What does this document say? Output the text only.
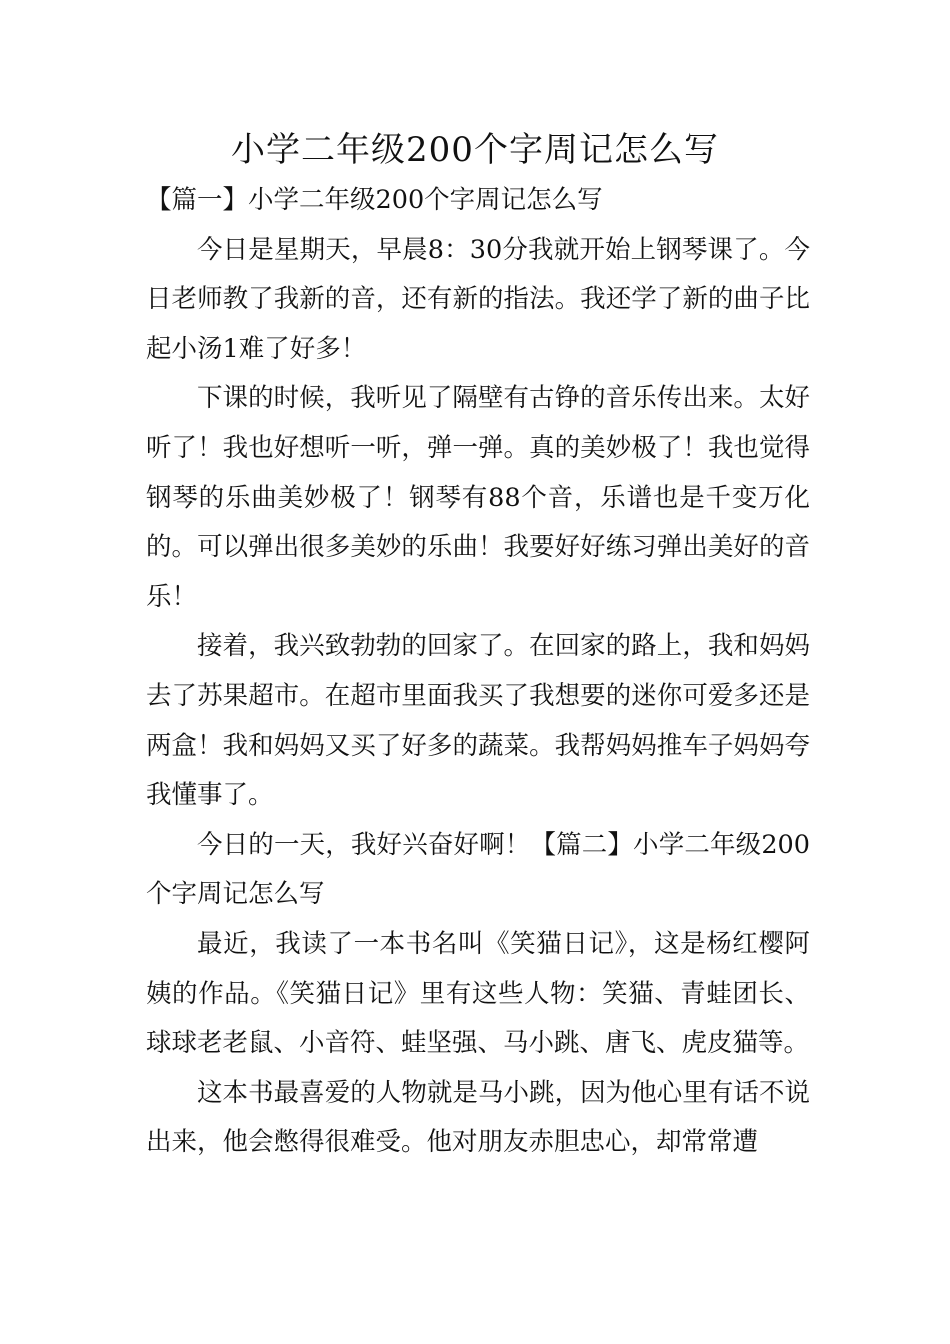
小学二年级200个字周记怎么写

【篇一】小学二年级200个字周记怎么写

今日是星期天，早晨8：30分我就开始上钢琴课了。今日老师教了我新的音，还有新的指法。我还学了新的曲子比起小汤1难了好多！

下课的时候，我听见了隔壁有古铮的音乐传出来。太好听了！我也好想听一听，弹一弹。真的美妙极了！我也觉得钢琴的乐曲美妙极了！钢琴有88个音，乐谱也是千变万化的。可以弹出很多美妙的乐曲！我要好好练习弹出美好的音乐！

接着，我兴致勃勃的回家了。在回家的路上，我和妈妈去了苏果超市。在超市里面我买了我想要的迷你可爱多还是两盒！我和妈妈又买了好多的蔬菜。我帮妈妈推车子妈妈夸我懂事了。

今日的一天，我好兴奋好啊！【篇二】小学二年级200个字周记怎么写

最近，我读了一本书名叫《笑猫日记》，这是杨红樱阿姨的作品。《笑猫日记》里有这些人物：笑猫、青蛙团长、球球老老鼠、小音符、蛙坚强、马小跳、唐飞、虎皮猫等。

这本书最喜爱的人物就是马小跳，因为他心里有话不说出来，他会憋得很难受。他对朋友赤胆忠心，却常常遭
